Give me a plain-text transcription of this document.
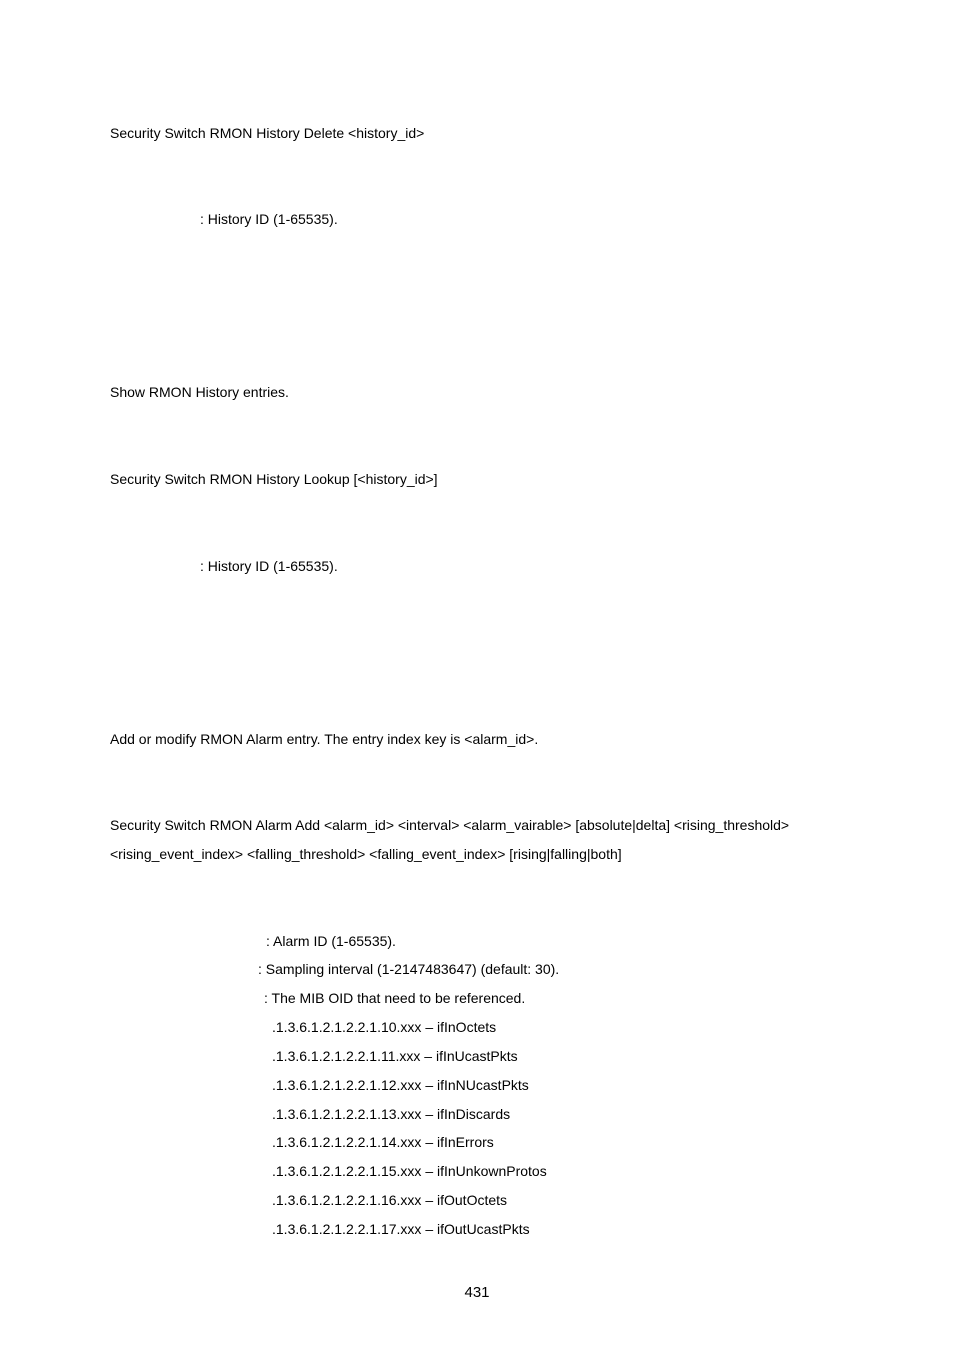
Security Switch RMON History Delete <history_id>
: History ID (1-65535).
Show RMON History entries.
Security Switch RMON History Lookup [<history_id>]
: History ID (1-65535).
Add or modify RMON Alarm entry. The entry index key is <alarm_id>.
Security Switch RMON Alarm Add <alarm_id> <interval> <alarm_vairable> [absolute|delta] <rising_threshold>
<rising_event_index> <falling_threshold> <falling_event_index> [rising|falling|both]
: Alarm ID (1-65535).
: Sampling interval (1-2147483647) (default: 30).
: The MIB OID that need to be referenced.
.1.3.6.1.2.1.2.2.1.10.xxx – ifInOctets
.1.3.6.1.2.1.2.2.1.11.xxx – ifInUcastPkts
.1.3.6.1.2.1.2.2.1.12.xxx – ifInNUcastPkts
.1.3.6.1.2.1.2.2.1.13.xxx – ifInDiscards
.1.3.6.1.2.1.2.2.1.14.xxx – ifInErrors
.1.3.6.1.2.1.2.2.1.15.xxx – ifInUnkownProtos
.1.3.6.1.2.1.2.2.1.16.xxx – ifOutOctets
.1.3.6.1.2.1.2.2.1.17.xxx – ifOutUcastPkts
431
